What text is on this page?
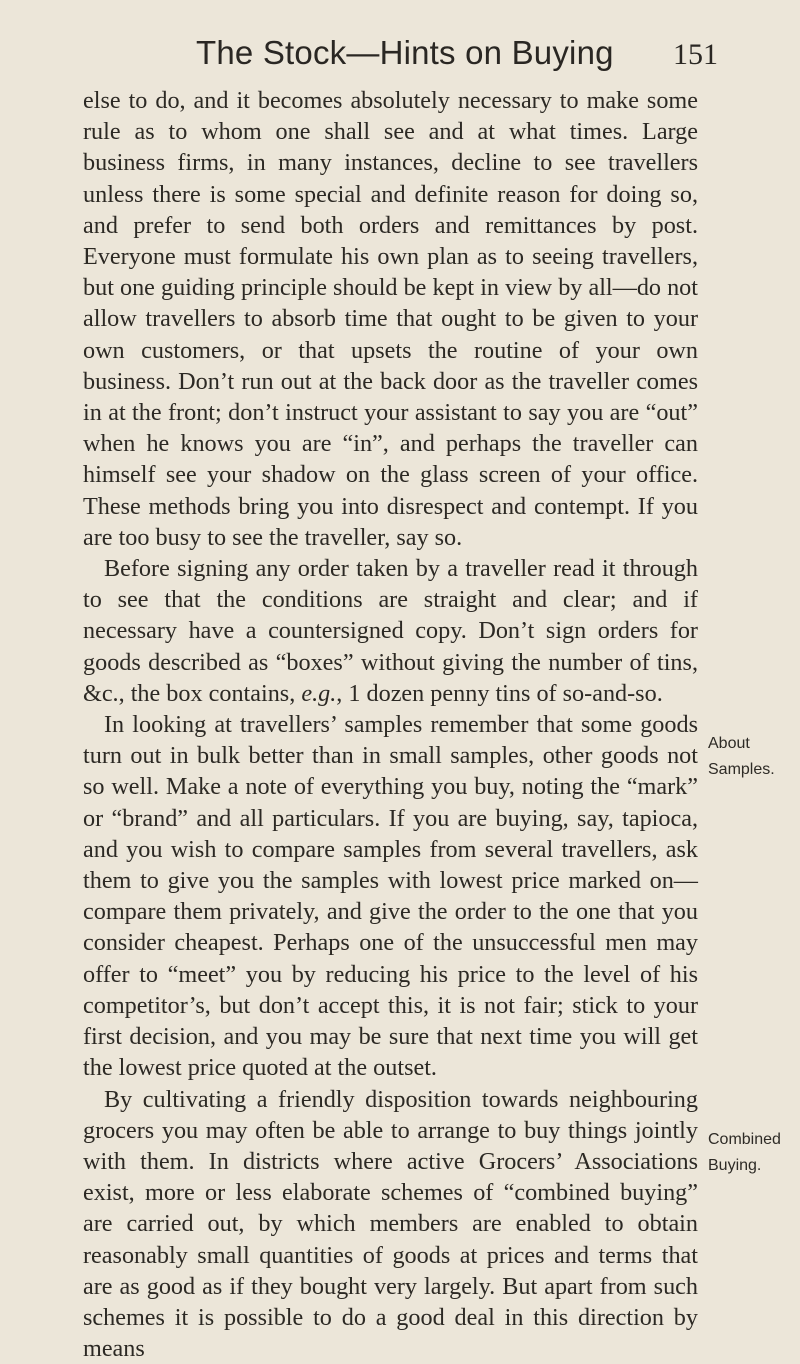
The Stock—Hints on Buying 151

else to do, and it becomes absolutely necessary to make some rule as to whom one shall see and at what times. Large business firms, in many instances, decline to see travellers unless there is some special and definite reason for doing so, and prefer to send both orders and remittances by post. Everyone must formulate his own plan as to seeing travellers, but one guiding principle should be kept in view by all—do not allow travellers to absorb time that ought to be given to your own customers, or that upsets the routine of your own business. Don’t run out at the back door as the traveller comes in at the front; don’t instruct your assistant to say you are “out” when he knows you are “in”, and perhaps the traveller can himself see your shadow on the glass screen of your office. These methods bring you into disrespect and contempt. If you are too busy to see the traveller, say so.

Before signing any order taken by a traveller read it through to see that the conditions are straight and clear; and if necessary have a countersigned copy. Don’t sign orders for goods described as “boxes” without giving the number of tins, &c., the box contains, e.g., 1 dozen penny tins of so-and-so.

In looking at travellers’ samples remember that some goods turn out in bulk better than in small samples, other goods not so well. Make a note of everything you buy, noting the “mark” or “brand” and all particulars. If you are buying, say, tapioca, and you wish to compare samples from several travellers, ask them to give you the samples with lowest price marked on—compare them privately, and give the order to the one that you consider cheapest. Perhaps one of the unsuccessful men may offer to “meet” you by reducing his price to the level of his competitor’s, but don’t accept this, it is not fair; stick to your first decision, and you may be sure that next time you will get the lowest price quoted at the outset.

By cultivating a friendly disposition towards neighbouring grocers you may often be able to arrange to buy things jointly with them. In districts where active Grocers’ Associations exist, more or less elaborate schemes of “combined buying” are carried out, by which members are enabled to obtain reasonably small quantities of goods at prices and terms that are as good as if they bought very largely. But apart from such schemes it is possible to do a good deal in this direction by means

About
Samples.
Combined
Buying.
